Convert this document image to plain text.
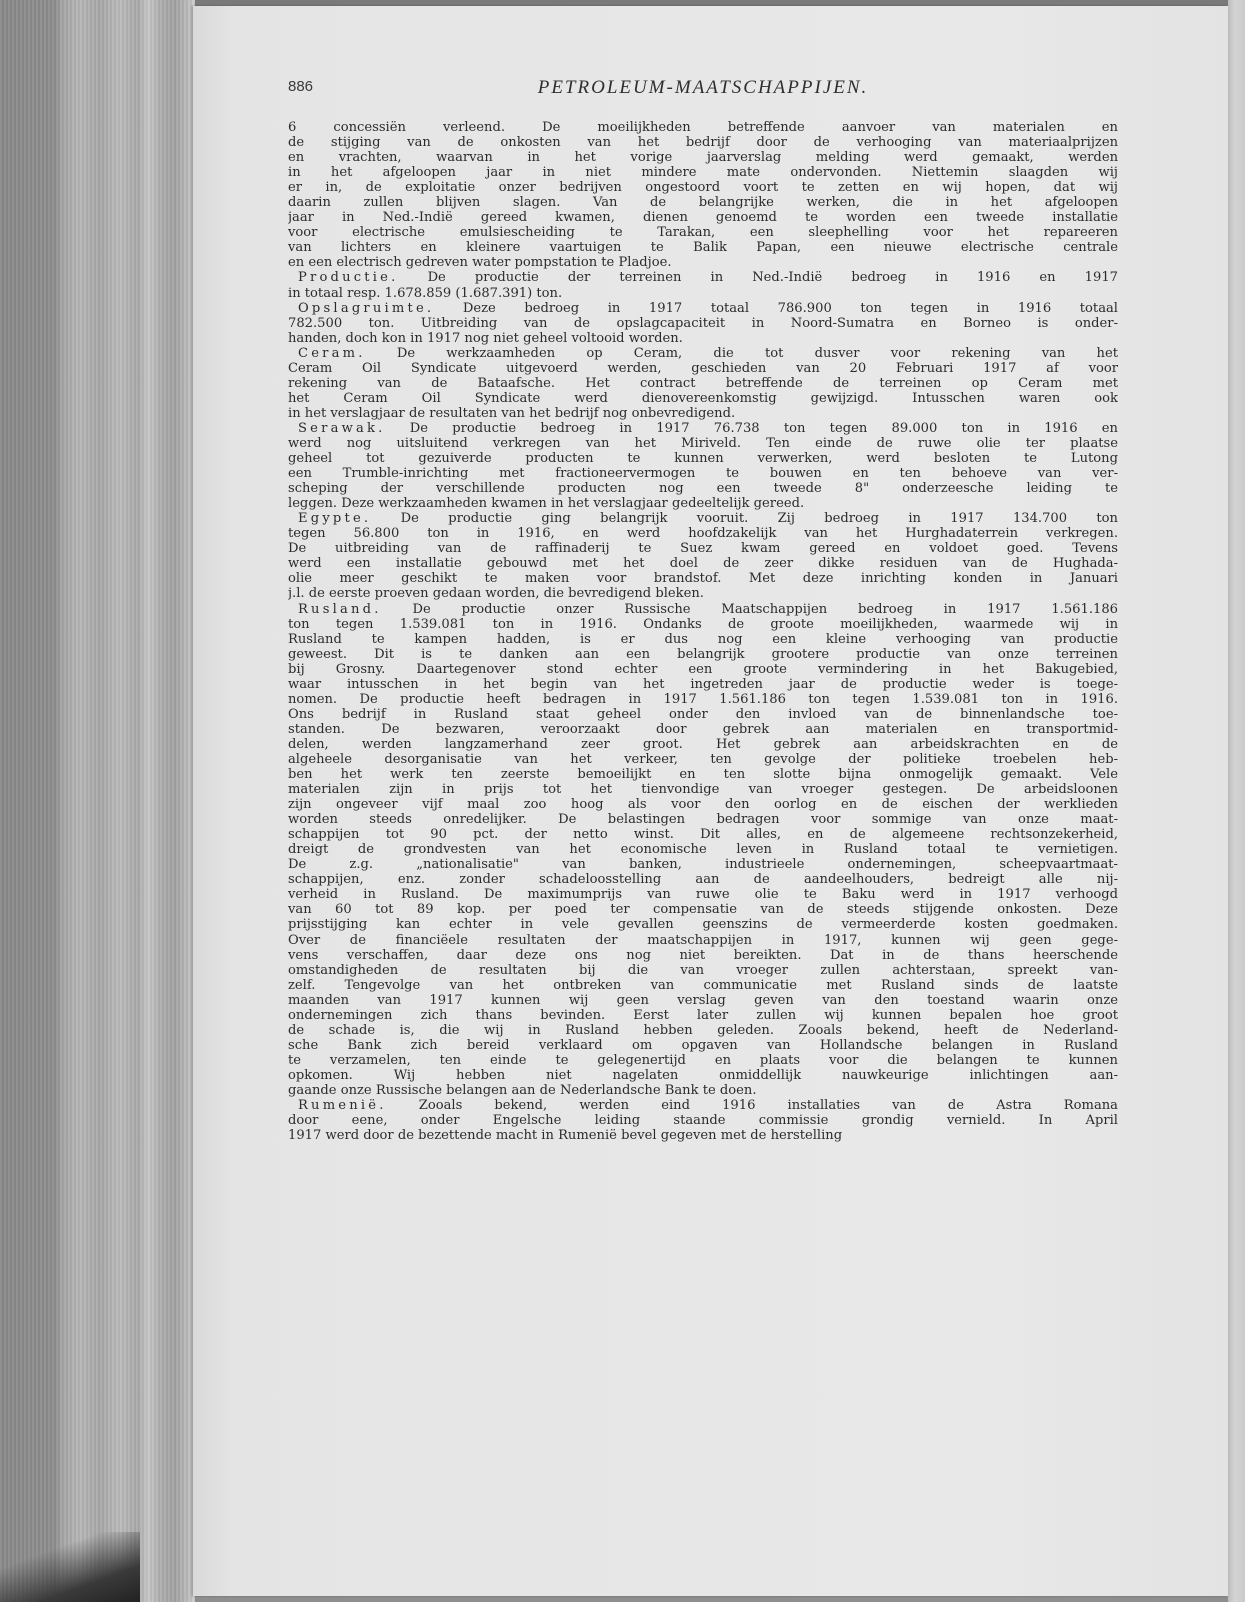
886	PETROLEUM-MAATSCHAPPIJEN.
6 concessiën verleend. De moeilijkheden betreffende aanvoer van materialen en
de stijging van de onkosten van het bedrijf door de verhooging van materiaalprijzen
en vrachten, waarvan in het vorige jaarverslag melding werd gemaakt, werden
in het afgeloopen jaar in niet mindere mate ondervonden. Niettemin slaagden wij
er in, de exploitatie onzer bedrijven ongestoord voort te zetten en wij hopen, dat wij
daarin zullen blijven slagen. Van de belangrijke werken, die in het afgeloopen
jaar in Ned.-Indië gereed kwamen, dienen genoemd te worden een tweede installatie
voor electrische emulsiescheiding te Tarakan, een sleephelling voor het repareeren
van lichters en kleinere vaartuigen te Balik Papan, een nieuwe electrische centrale
en een electrisch gedreven water pompstation te Pladjoe.
Productie. De productie der terreinen in Ned.-Indië bedroeg in 1916 en 1917
in totaal resp. 1.678.859 (1.687.391) ton.
Opslagruimte. Deze bedroeg in 1917 totaal 786.900 ton tegen in 1916 totaal
782.500 ton. Uitbreiding van de opslagcapaciteit in Noord-Sumatra en Borneo is onder-
handen, doch kon in 1917 nog niet geheel voltooid worden.
Ceram. De werkzaamheden op Ceram, die tot dusver voor rekening van het
Ceram Oil Syndicate uitgevoerd werden, geschieden van 20 Februari 1917 af voor
rekening van de Bataafsche. Het contract betreffende de terreinen op Ceram met
het Ceram Oil Syndicate werd dienovereenkomstig gewijzigd. Intusschen waren ook
in het verslagjaar de resultaten van het bedrijf nog onbevredigend.
Serawak. De productie bedroeg in 1917 76.738 ton tegen 89.000 ton in 1916 en
werd nog uitsluitend verkregen van het Miriveld. Ten einde de ruwe olie ter plaatse
geheel tot gezuiverde producten te kunnen verwerken, werd besloten te Lutong
een Trumble-inrichting met fractioneervermogen te bouwen en ten behoeve van ver-
scheping der verschillende producten nog een tweede 8" onderzeesche leiding te
leggen. Deze werkzaamheden kwamen in het verslagjaar gedeeltelijk gereed.
Egypte. De productie ging belangrijk vooruit. Zij bedroeg in 1917 134.700 ton
tegen 56.800 ton in 1916, en werd hoofdzakelijk van het Hurghadaterrein verkregen.
De uitbreiding van de raffinaderij te Suez kwam gereed en voldoet goed. Tevens
werd een installatie gebouwd met het doel de zeer dikke residuen van de Hughada-
olie meer geschikt te maken voor brandstof. Met deze inrichting konden in Januari
j.l. de eerste proeven gedaan worden, die bevredigend bleken.
Rusland. De productie onzer Russische Maatschappijen bedroeg in 1917 1.561.186
ton tegen 1.539.081 ton in 1916. Ondanks de groote moeilijkheden, waarmede wij in
Rusland te kampen hadden, is er dus nog een kleine verhooging van productie
geweest. Dit is te danken aan een belangrijk grootere productie van onze terreinen
bij Grosny. Daartegenover stond echter een groote vermindering in het Bakugebied,
waar intusschen in het begin van het ingetreden jaar de productie weder is toege-
nomen. De productie heeft bedragen in 1917 1.561.186 ton tegen 1.539.081 ton in 1916.
Ons bedrijf in Rusland staat geheel onder den invloed van de binnenlandsche toe-
standen. De bezwaren, veroorzaakt door gebrek aan materialen en transportmid-
delen, werden langzamerhand zeer groot. Het gebrek aan arbeidskrachten en de
algeheele desorganisatie van het verkeer, ten gevolge der politieke troebelen heb-
ben het werk ten zeerste bemoeilijkt en ten slotte bijna onmogelijk gemaakt. Vele
materialen zijn in prijs tot het tienvondige van vroeger gestegen. De arbeidsloonen
zijn ongeveer vijf maal zoo hoog als voor den oorlog en de eischen der werklieden
worden steeds onredelijker. De belastingen bedragen voor sommige van onze maat-
schappijen tot 90 pct. der netto winst. Dit alles, en de algemeene rechtsonzekerheid,
dreigt de grondvesten van het economische leven in Rusland totaal te vernietigen.
De z.g. „nationalisatie" van banken, industrieele ondernemingen, scheepvaartmaat-
schappijen, enz. zonder schadeloosstelling aan de aandeelhouders, bedreigt alle nij-
verheid in Rusland. De maximumprijs van ruwe olie te Baku werd in 1917 verhoogd
van 60 tot 89 kop. per poed ter compensatie van de steeds stijgende onkosten. Deze
prijsstijging kan echter in vele gevallen geenszins de vermeerderde kosten goedmaken.
Over de financiëele resultaten der maatschappijen in 1917, kunnen wij geen gege-
vens verschaffen, daar deze ons nog niet bereikten. Dat in de thans heerschende
omstandigheden de resultaten bij die van vroeger zullen achterstaan, spreekt van-
zelf. Tengevolge van het ontbreken van communicatie met Rusland sinds de laatste
maanden van 1917 kunnen wij geen verslag geven van den toestand waarin onze
ondernemingen zich thans bevinden. Eerst later zullen wij kunnen bepalen hoe groot
de schade is, die wij in Rusland hebben geleden. Zooals bekend, heeft de Nederland-
sche Bank zich bereid verklaard om opgaven van Hollandsche belangen in Rusland
te verzamelen, ten einde te gelegenertijd en plaats voor die belangen te kunnen
opkomen. Wij hebben niet nagelaten onmiddellijk nauwkeurige inlichtingen aan-
gaande onze Russische belangen aan de Nederlandsche Bank te doen.
Rumenië. Zooals bekend, werden eind 1916 installaties van de Astra Romana
door eene, onder Engelsche leiding staande commissie grondig vernield. In April
1917 werd door de bezettende macht in Rumenië bevel gegeven met de herstelling
